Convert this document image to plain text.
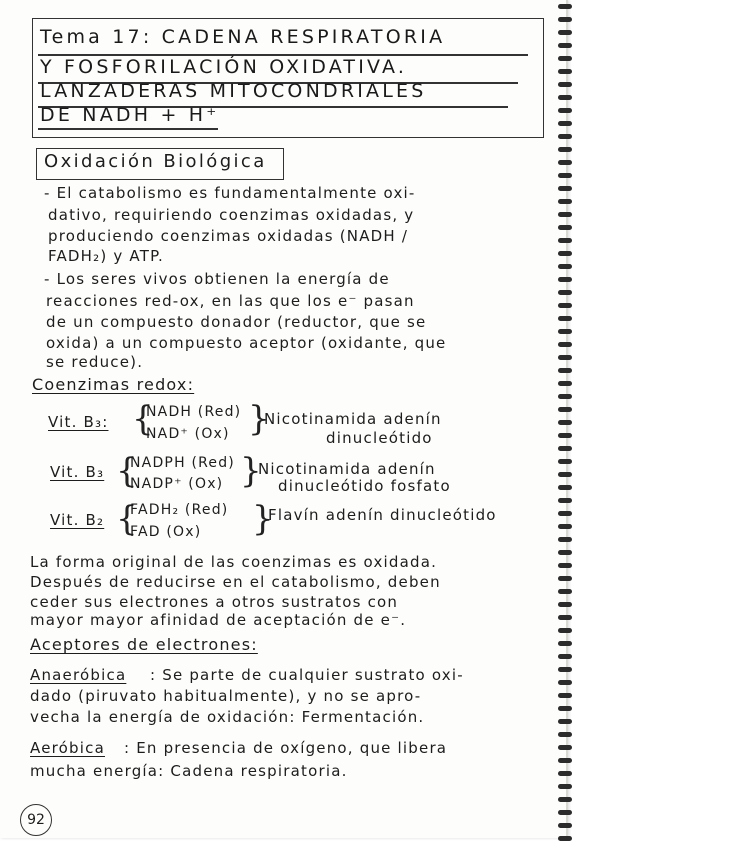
Tema 17: CADENA RESPIRATORIA
Y FOSFORILACIÓN OXIDATIVA.
LANZADERAS MITOCONDRIALES
DE NADH + H⁺
Oxidación Biológica
- El catabolismo es fundamentalmente oxi-
dativo, requiriendo coenzimas oxidadas, y
produciendo coenzimas oxidadas (NADH /
FADH₂) y ATP.
- Los seres vivos obtienen la energía de
reacciones red-ox, en las que los e⁻ pasan
de un compuesto donador (reductor, que se
oxida) a un compuesto aceptor (oxidante, que
se reduce).
Coenzimas redox:
Vit. B₃: {
NADH (Red)
NAD⁺ (Ox) }
Nicotinamida adenín
dinucleótido
Vit. B₃ {
NADPH (Red)
NADP⁺ (Ox) }
Nicotinamida adenín
dinucleótido fosfato
Vit. B₂ {
FADH₂ (Red)
FAD (Ox) }
Flavín adenín dinucleótido
La forma original de las coenzimas es oxidada.
Después de reducirse en el catabolismo, deben
ceder sus electrones a otros sustratos con
mayor mayor afinidad de aceptación de e⁻.
Aceptores de electrones:
Anaeróbica : Se parte de cualquier sustrato oxi-
dado (piruvato habitualmente), y no se apro-
vecha la energía de oxidación: Fermentación.
Aeróbica : En presencia de oxígeno, que libera
mucha energía: Cadena respiratoria.
92
